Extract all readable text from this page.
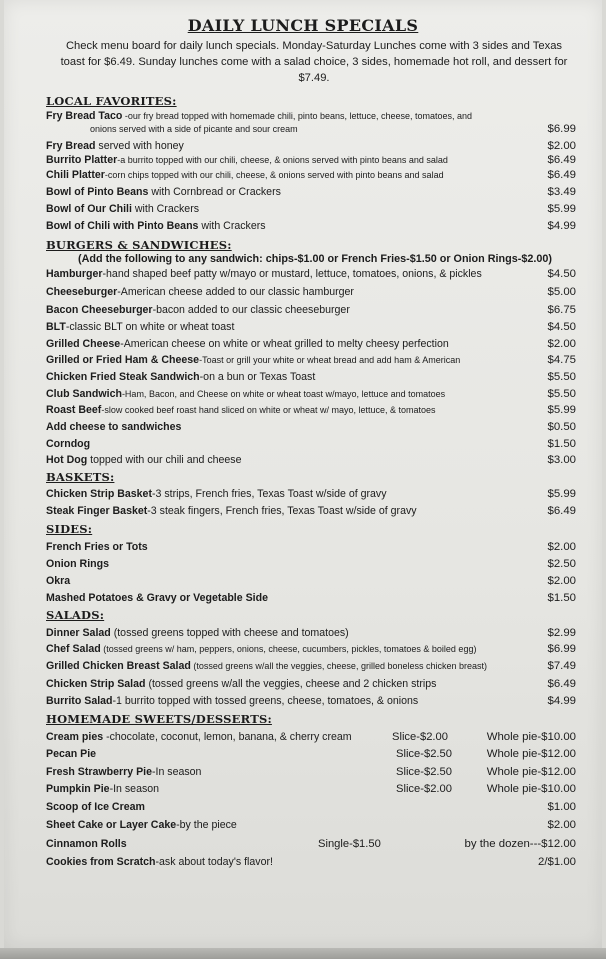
DAILY LUNCH SPECIALS
Check menu board for daily lunch specials. Monday-Saturday Lunches come with 3 sides and Texas toast for $6.49. Sunday lunches come with a salad choice, 3 sides, homemade hot roll, and dessert for $7.49.
LOCAL FAVORITES:
Fry Bread Taco -our fry bread topped with homemade chili, pinto beans, lettuce, cheese, tomatoes, and
onions served with a side of picante and sour cream	$6.99
Fry Bread served with honey	$2.00
Burrito Platter-a burrito topped with our chili, cheese, & onions served with pinto beans and salad	$6.49
Chili Platter-corn chips topped with our chili, cheese, & onions served with pinto beans and salad	$6.49
Bowl of Pinto Beans with Cornbread or Crackers	$3.49
Bowl of Our Chili with Crackers	$5.99
Bowl of Chili with Pinto Beans with Crackers	$4.99
BURGERS & SANDWICHES:
(Add the following to any sandwich: chips-$1.00 or French Fries-$1.50 or Onion Rings-$2.00)
Hamburger-hand shaped beef patty w/mayo or mustard, lettuce, tomatoes, onions, & pickles	$4.50
Cheeseburger-American cheese added to our classic hamburger	$5.00
Bacon Cheeseburger-bacon added to our classic cheeseburger	$6.75
BLT-classic BLT on white or wheat toast	$4.50
Grilled Cheese-American cheese on white or wheat grilled to melty cheesy perfection	$2.00
Grilled or Fried Ham & Cheese-Toast or grill your white or wheat bread and add ham & American	$4.75
Chicken Fried Steak Sandwich-on a bun or Texas Toast	$5.50
Club Sandwich-Ham, Bacon, and Cheese on white or wheat toast w/mayo, lettuce and tomatoes	$5.50
Roast Beef-slow cooked beef roast hand sliced on white or wheat w/ mayo, lettuce, & tomatoes	$5.99
Add cheese to sandwiches	$0.50
Corndog	$1.50
Hot Dog topped with our chili and cheese	$3.00
BASKETS:
Chicken Strip Basket-3 strips, French fries, Texas Toast w/side of gravy	$5.99
Steak Finger Basket-3 steak fingers, French fries, Texas Toast w/side of gravy	$6.49
SIDES:
French Fries or Tots	$2.00
Onion Rings	$2.50
Okra	$2.00
Mashed Potatoes & Gravy or Vegetable Side	$1.50
SALADS:
Dinner Salad (tossed greens topped with cheese and tomatoes)	$2.99
Chef Salad (tossed greens w/ ham, peppers, onions, cheese, cucumbers, pickles, tomatoes & boiled egg)	$6.99
Grilled Chicken Breast Salad (tossed greens w/all the veggies, cheese, grilled boneless chicken breast)	$7.49
Chicken Strip Salad (tossed greens w/all the veggies, cheese and 2 chicken strips	$6.49
Burrito Salad-1 burrito topped with tossed greens, cheese, tomatoes, & onions	$4.99
HOMEMADE SWEETS/DESSERTS:
Cream pies -chocolate, coconut, lemon, banana, & cherry cream	Slice-$2.00	Whole pie-$10.00
Pecan Pie	Slice-$2.50	Whole pie-$12.00
Fresh Strawberry Pie-In season	Slice-$2.50	Whole pie-$12.00
Pumpkin Pie-In season	Slice-$2.00	Whole pie-$10.00
Scoop of Ice Cream	$1.00
Sheet Cake or Layer Cake-by the piece	$2.00
Cinnamon Rolls	Single-$1.50	by the dozen---$12.00
Cookies from Scratch-ask about today's flavor!	2/$1.00
